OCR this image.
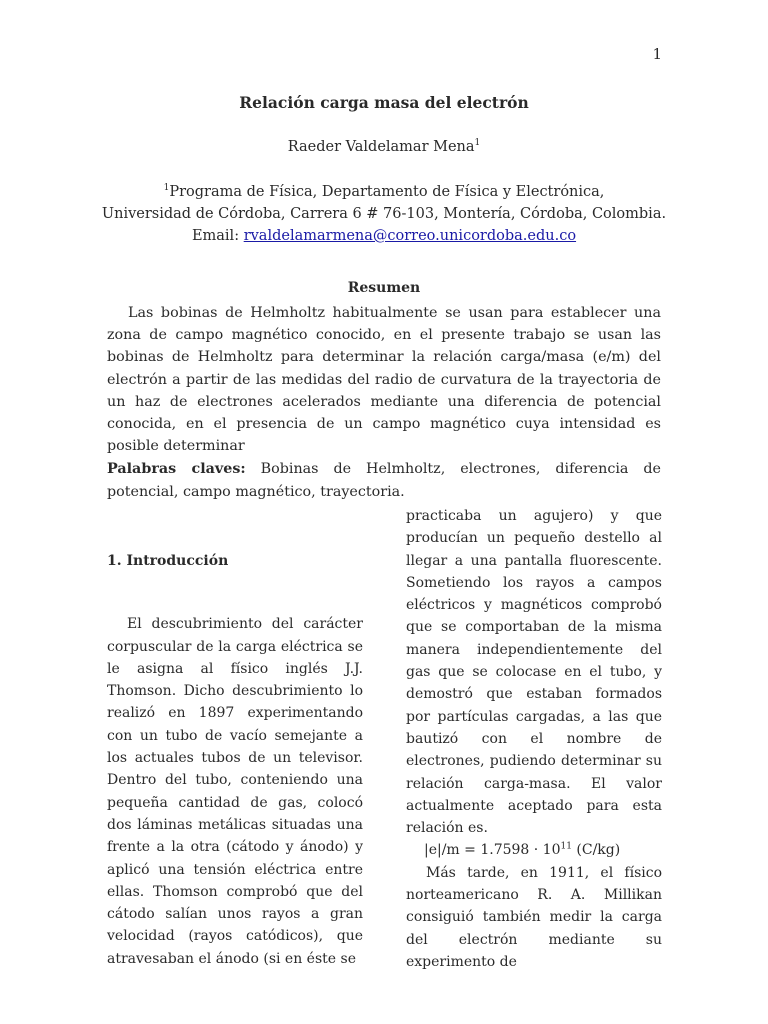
1
Relación carga masa del electrón
Raeder Valdelamar Mena$^1$
$^1$Programa de Física, Departamento de Física y Electrónica,
Universidad de Córdoba, Carrera 6 # 76-103, Montería, Córdoba, Colombia.
Email: rvaldelamarmena@correo.unicordoba.edu.co
Resumen

Las bobinas de Helmholtz habitualmente se usan para establecer una zona de campo magnético conocido, en el presente trabajo se usan las bobinas de Helmholtz para determinar la relación carga/masa (e/m) del electrón a partir de las medidas del radio de curvatura de la trayectoria de un haz de electrones acelerados mediante una diferencia de potencial conocida, en el presencia de un campo magnético cuya intensidad es posible determinar

Palabras claves: Bobinas de Helmholtz, electrones, diferencia de potencial, campo magnético, trayectoria.
1. Introducción

El descubrimiento del carácter corpuscular de la carga eléctrica se le asigna al físico inglés J.J. Thomson. Dicho descubrimiento lo realizó en 1897 experimentando con un tubo de vacío semejante a los actuales tubos de un televisor. Dentro del tubo, conteniendo una pequeña cantidad de gas, colocó dos láminas metálicas situadas una frente a la otra (cátodo y ánodo) y aplicó una tensión eléctrica entre ellas. Thomson comprobó que del cátodo salían unos rayos a gran velocidad (rayos catódicos), que atravesaban el ánodo (si en éste se

practicaba un agujero) y que producían un pequeño destello al llegar a una pantalla fluorescente. Sometiendo los rayos a campos eléctricos y magnéticos comprobó que se comportaban de la misma manera independientemente del gas que se colocase en el tubo, y demostró que estaban formados por partículas cargadas, a las que bautizó con el nombre de electrones, pudiendo determinar su relación carga-masa. El valor actualmente aceptado para esta relación es.

$|e|/m = 1.7598 \cdot 10^{11}$ (C/kg)

Más tarde, en 1911, el físico norteamericano R. A. Millikan consiguió también medir la carga del electrón mediante su experimento de
